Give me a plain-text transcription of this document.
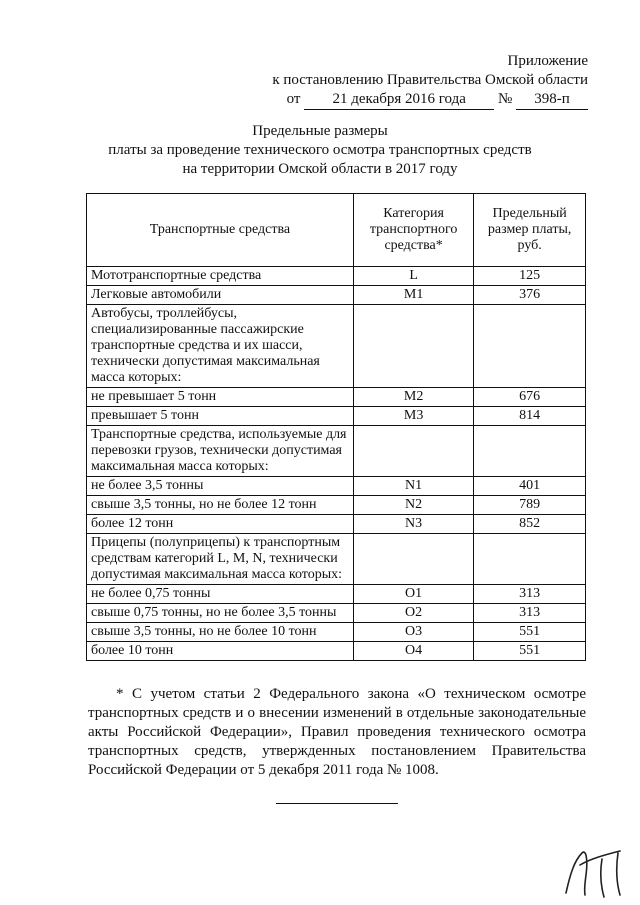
Приложение
к постановлению Правительства Омской области
от 21 декабря 2016 года № 398-п
Предельные размеры
платы за проведение технического осмотра транспортных средств
на территории Омской области в 2017 году
Транспортные средства	Категория транспортного средства*	Предельный размер платы, руб.
Мототранспортные средства	L	125
Легковые автомобили	M1	376
Автобусы, троллейбусы, специализированные пассажирские транспортные средства и их шасси, технически допустимая максимальная масса которых:		
не превышает 5 тонн	M2	676
превышает 5 тонн	M3	814
Транспортные средства, используемые для перевозки грузов, технически допустимая максимальная масса которых:		
не более 3,5 тонны	N1	401
свыше 3,5 тонны, но не более 12 тонн	N2	789
более 12 тонн	N3	852
Прицепы (полуприцепы) к транспортным средствам категорий L, M, N, технически допустимая максимальная масса которых:		
не более 0,75 тонны	O1	313
свыше 0,75 тонны, но не более 3,5 тонны	O2	313
свыше 3,5 тонны, но не более 10 тонн	O3	551
более 10 тонн	O4	551
* С учетом статьи 2 Федерального закона «О техническом осмотре транспортных средств и о внесении изменений в отдельные законодательные акты Российской Федерации», Правил проведения технического осмотра транспортных средств, утвержденных постановлением Правительства Российской Федерации от 5 декабря 2011 года № 1008.
